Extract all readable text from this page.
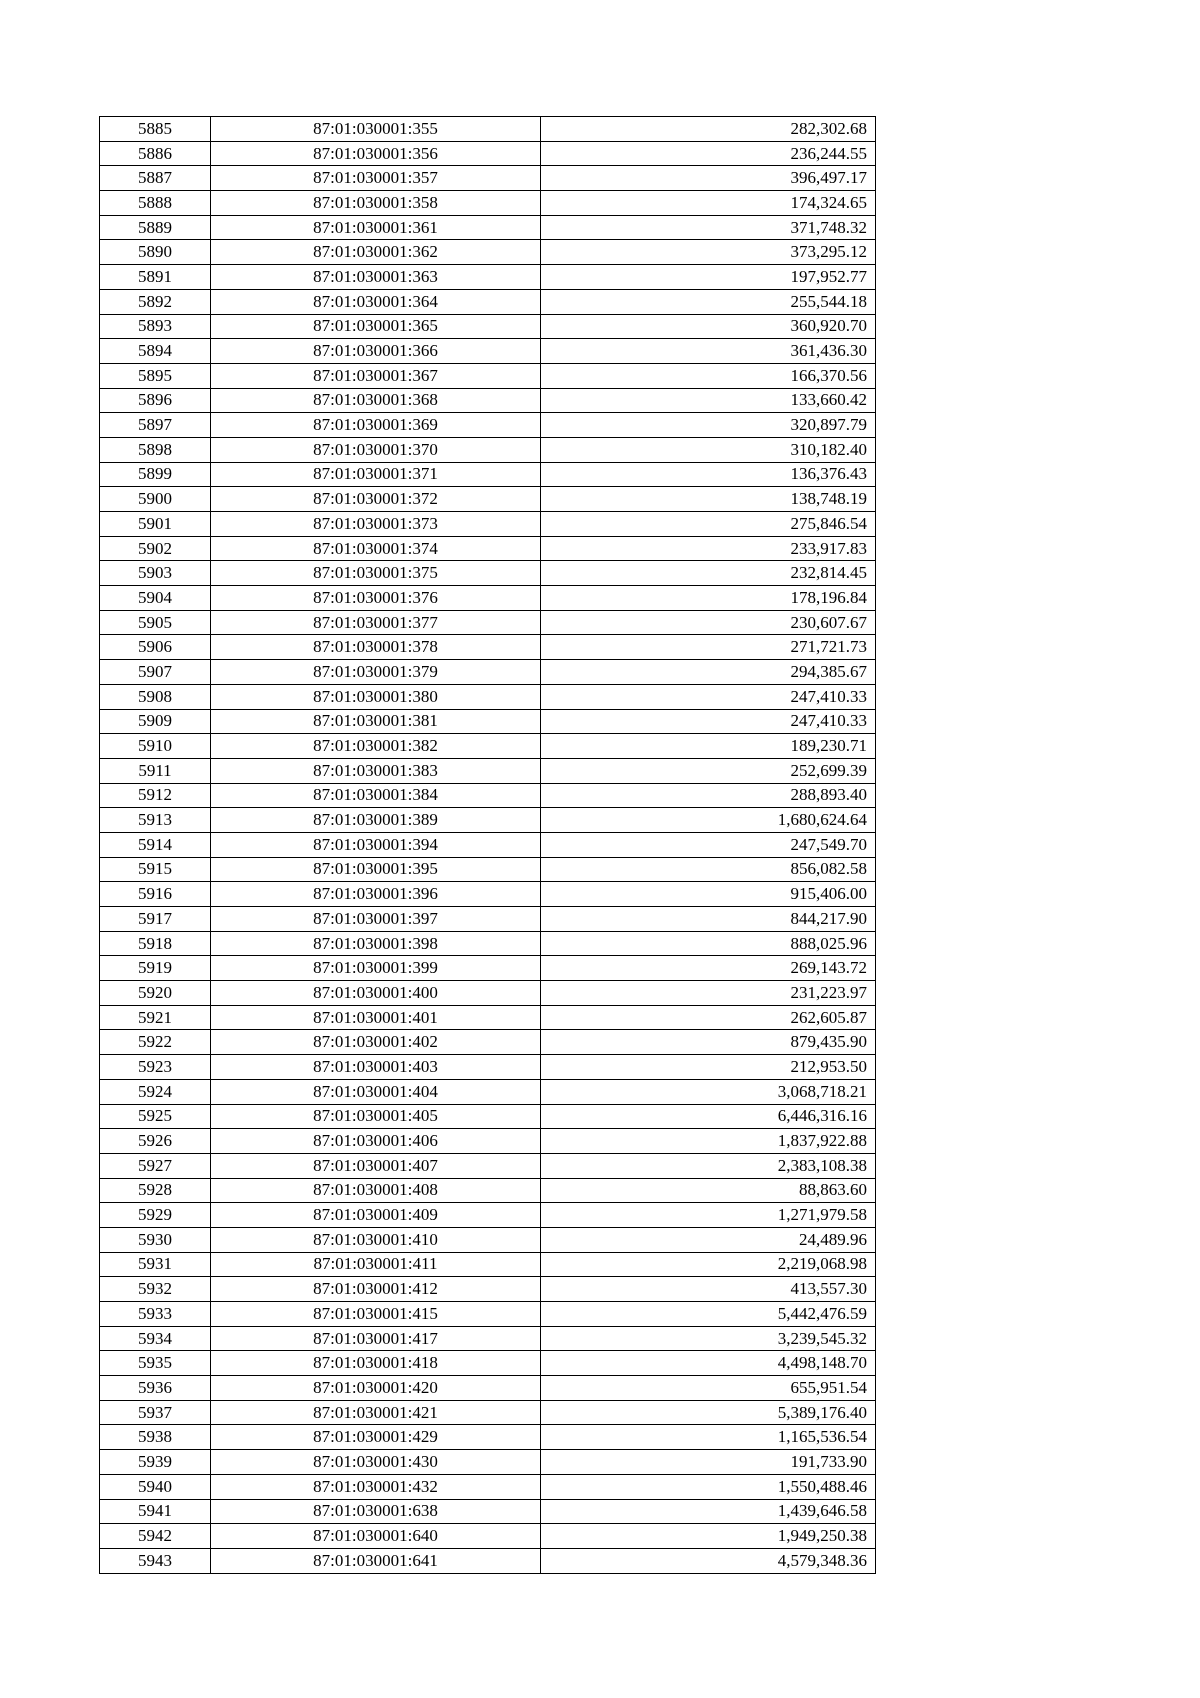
5885	87:01:030001:355	282,302.68
5886	87:01:030001:356	236,244.55
5887	87:01:030001:357	396,497.17
5888	87:01:030001:358	174,324.65
5889	87:01:030001:361	371,748.32
5890	87:01:030001:362	373,295.12
5891	87:01:030001:363	197,952.77
5892	87:01:030001:364	255,544.18
5893	87:01:030001:365	360,920.70
5894	87:01:030001:366	361,436.30
5895	87:01:030001:367	166,370.56
5896	87:01:030001:368	133,660.42
5897	87:01:030001:369	320,897.79
5898	87:01:030001:370	310,182.40
5899	87:01:030001:371	136,376.43
5900	87:01:030001:372	138,748.19
5901	87:01:030001:373	275,846.54
5902	87:01:030001:374	233,917.83
5903	87:01:030001:375	232,814.45
5904	87:01:030001:376	178,196.84
5905	87:01:030001:377	230,607.67
5906	87:01:030001:378	271,721.73
5907	87:01:030001:379	294,385.67
5908	87:01:030001:380	247,410.33
5909	87:01:030001:381	247,410.33
5910	87:01:030001:382	189,230.71
5911	87:01:030001:383	252,699.39
5912	87:01:030001:384	288,893.40
5913	87:01:030001:389	1,680,624.64
5914	87:01:030001:394	247,549.70
5915	87:01:030001:395	856,082.58
5916	87:01:030001:396	915,406.00
5917	87:01:030001:397	844,217.90
5918	87:01:030001:398	888,025.96
5919	87:01:030001:399	269,143.72
5920	87:01:030001:400	231,223.97
5921	87:01:030001:401	262,605.87
5922	87:01:030001:402	879,435.90
5923	87:01:030001:403	212,953.50
5924	87:01:030001:404	3,068,718.21
5925	87:01:030001:405	6,446,316.16
5926	87:01:030001:406	1,837,922.88
5927	87:01:030001:407	2,383,108.38
5928	87:01:030001:408	88,863.60
5929	87:01:030001:409	1,271,979.58
5930	87:01:030001:410	24,489.96
5931	87:01:030001:411	2,219,068.98
5932	87:01:030001:412	413,557.30
5933	87:01:030001:415	5,442,476.59
5934	87:01:030001:417	3,239,545.32
5935	87:01:030001:418	4,498,148.70
5936	87:01:030001:420	655,951.54
5937	87:01:030001:421	5,389,176.40
5938	87:01:030001:429	1,165,536.54
5939	87:01:030001:430	191,733.90
5940	87:01:030001:432	1,550,488.46
5941	87:01:030001:638	1,439,646.58
5942	87:01:030001:640	1,949,250.38
5943	87:01:030001:641	4,579,348.36
